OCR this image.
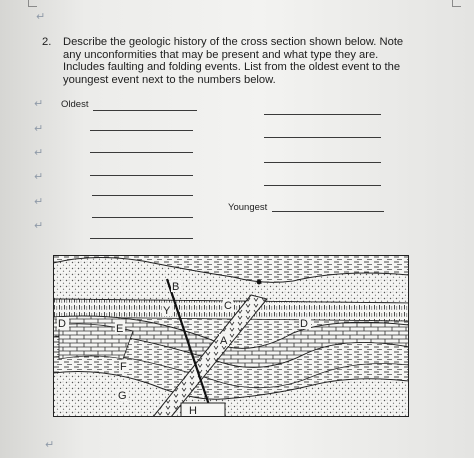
↵
↵
↵
↵
↵
↵
↵
↵
2. Describe the geologic history of the cross section shown below. Note any unconformities that may be present and what type they are. Includes faulting and folding events. List from the oldest event to the youngest event next to the numbers below.
Oldest
Youngest
B
C
Y
D	D
E
A
F
G
H
